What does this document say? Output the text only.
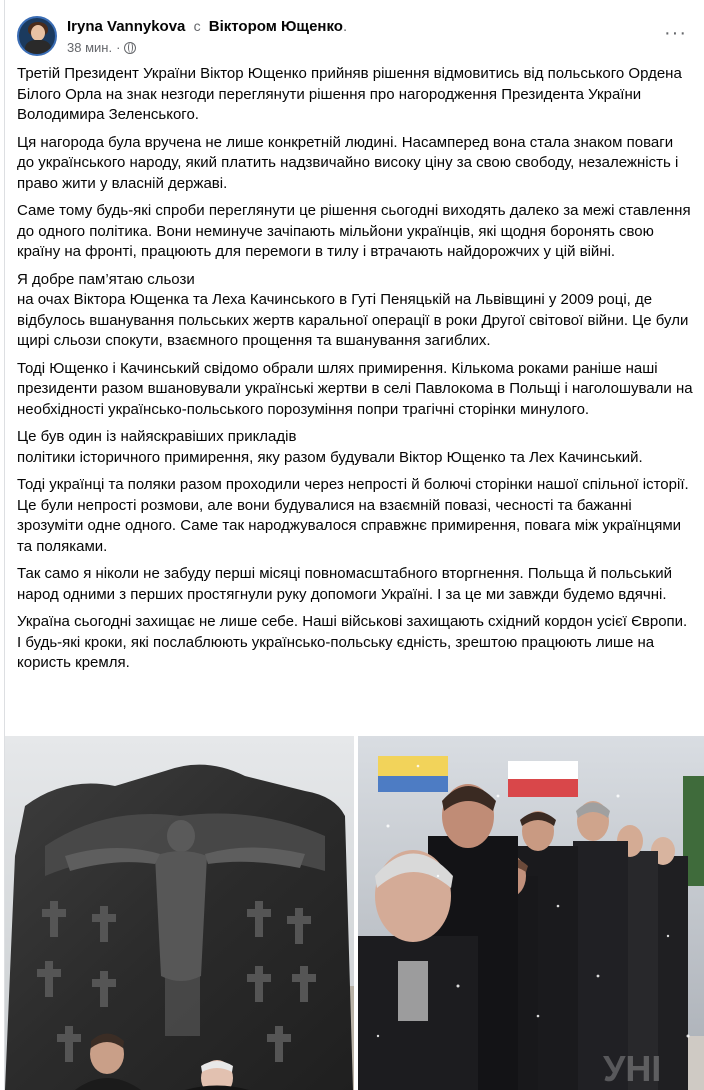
Iryna Vannykova с Віктором Ющенко.
38 мин. ·
···

Третій Президент України Віктор Ющенко прийняв рішення відмовитись від польського Ордена Білого Орла на знак незгоди переглянути рішення про нагородження Президента України Володимира Зеленського.

Ця нагорода була вручена не лише конкретній людині. Насамперед вона стала знаком поваги до українського народу, який платить надзвичайно високу ціну за свою свободу, незалежність і право жити у власній державі.

Саме тому будь-які спроби переглянути це рішення сьогодні виходять далеко за межі ставлення до одного політика. Вони неминуче зачіпають мільйони українців, які щодня боронять свою країну на фронті, працюють для перемоги в тилу і втрачають найдорожчих у цій війні.

Я добре пам’ятаю сльози
на очах Віктора Ющенка та Леха Качинського в Гуті Пеняцькій на Львівщині у 2009 році, де відбулось вшанування польських жертв каральної операції в роки Другої світової війни. Це були щирі сльози спокути, взаємного прощення та вшанування загиблих.

Тоді Ющенко і Качинський свідомо обрали шлях примирення. Кількома роками раніше наші президенти разом вшановували українські жертви в селі Павлокома в Польщі і наголошували на необхідності українсько-польського порозуміння попри трагічні сторінки минулого.

Це був один із найяскравіших прикладів
політики історичного примирення, яку разом будували Віктор Ющенко та Лех Качинський.

Тоді українці та поляки разом проходили через непрості й болючі сторінки нашої спільної історії. Це були непрості розмови, але вони будувалися на взаємній повазі, чесності та бажанні зрозуміти одне одного. Саме так народжувалося справжнє примирення, повага між українцями та поляками.

Так само я ніколи не забуду перші місяці повномасштабного вторгнення. Польща й польський народ одними з перших простягнули руку допомоги Україні. І за це ми завжди будемо вдячні.

Україна сьогодні захищає не лише себе. Наші військові захищають східний кордон усієї Європи. І будь-які кроки, які послаблюють українсько-польську єдність, зрештою працюють лише на користь кремля.

УНІ
